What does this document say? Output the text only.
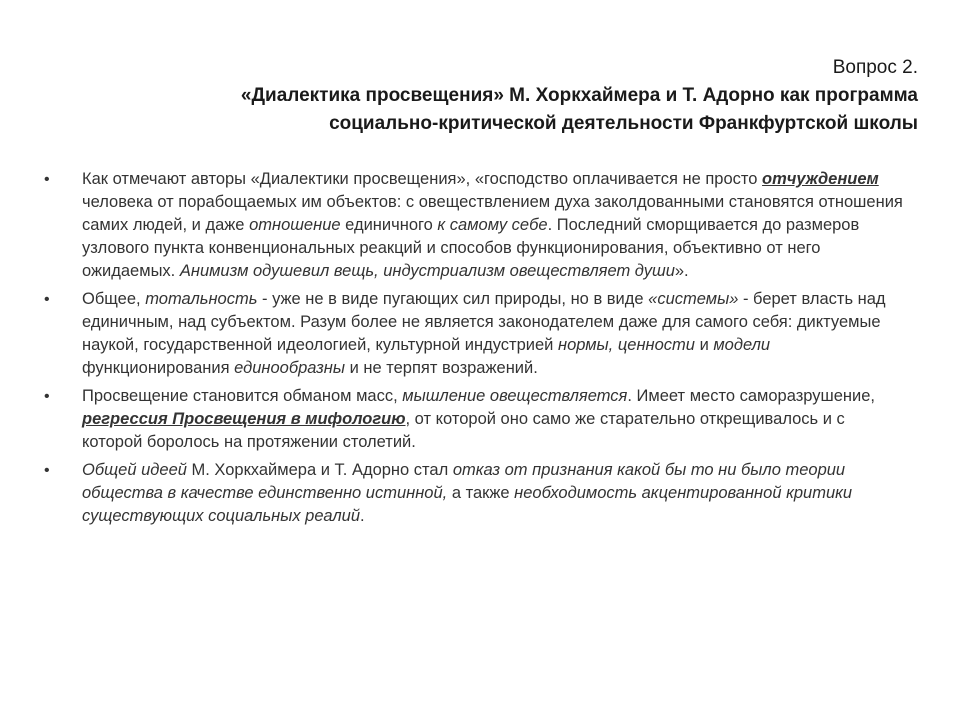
Вопрос 2.
«Диалектика просвещения» М. Хоркхаймера и Т. Адорно как программа
социально-критической деятельности Франкфуртской школы
• Как отмечают авторы «Диалектики просвещения», «господство оплачивается не просто отчуждением человека от порабощаемых им объектов: с овеществлением духа заколдованными становятся отношения самих людей, и даже отношение единичного к самому себе. Последний сморщивается до размеров узлового пункта конвенциональных реакций и способов функционирования, объективно от него ожидаемых. Анимизм одушевил вещь, индустриализм овеществляет души».
• Общее, тотальность - уже не в виде пугающих сил природы, но в виде «системы» - берет власть над единичным, над субъектом. Разум более не является законодателем даже для самого себя: диктуемые наукой, государственной идеологией, культурной индустрией нормы, ценности и модели функционирования единообразны и не терпят возражений.
• Просвещение становится обманом масс, мышление овеществляется. Имеет место саморазрушение, регрессия Просвещения в мифологию, от которой оно само же старательно открещивалось и с которой боролось на протяжении столетий.
• Общей идеей М. Хоркхаймера и Т. Адорно стал отказ от признания какой бы то ни было теории общества в качестве единственно истинной, а также необходимость акцентированной критики существующих социальных реалий.
